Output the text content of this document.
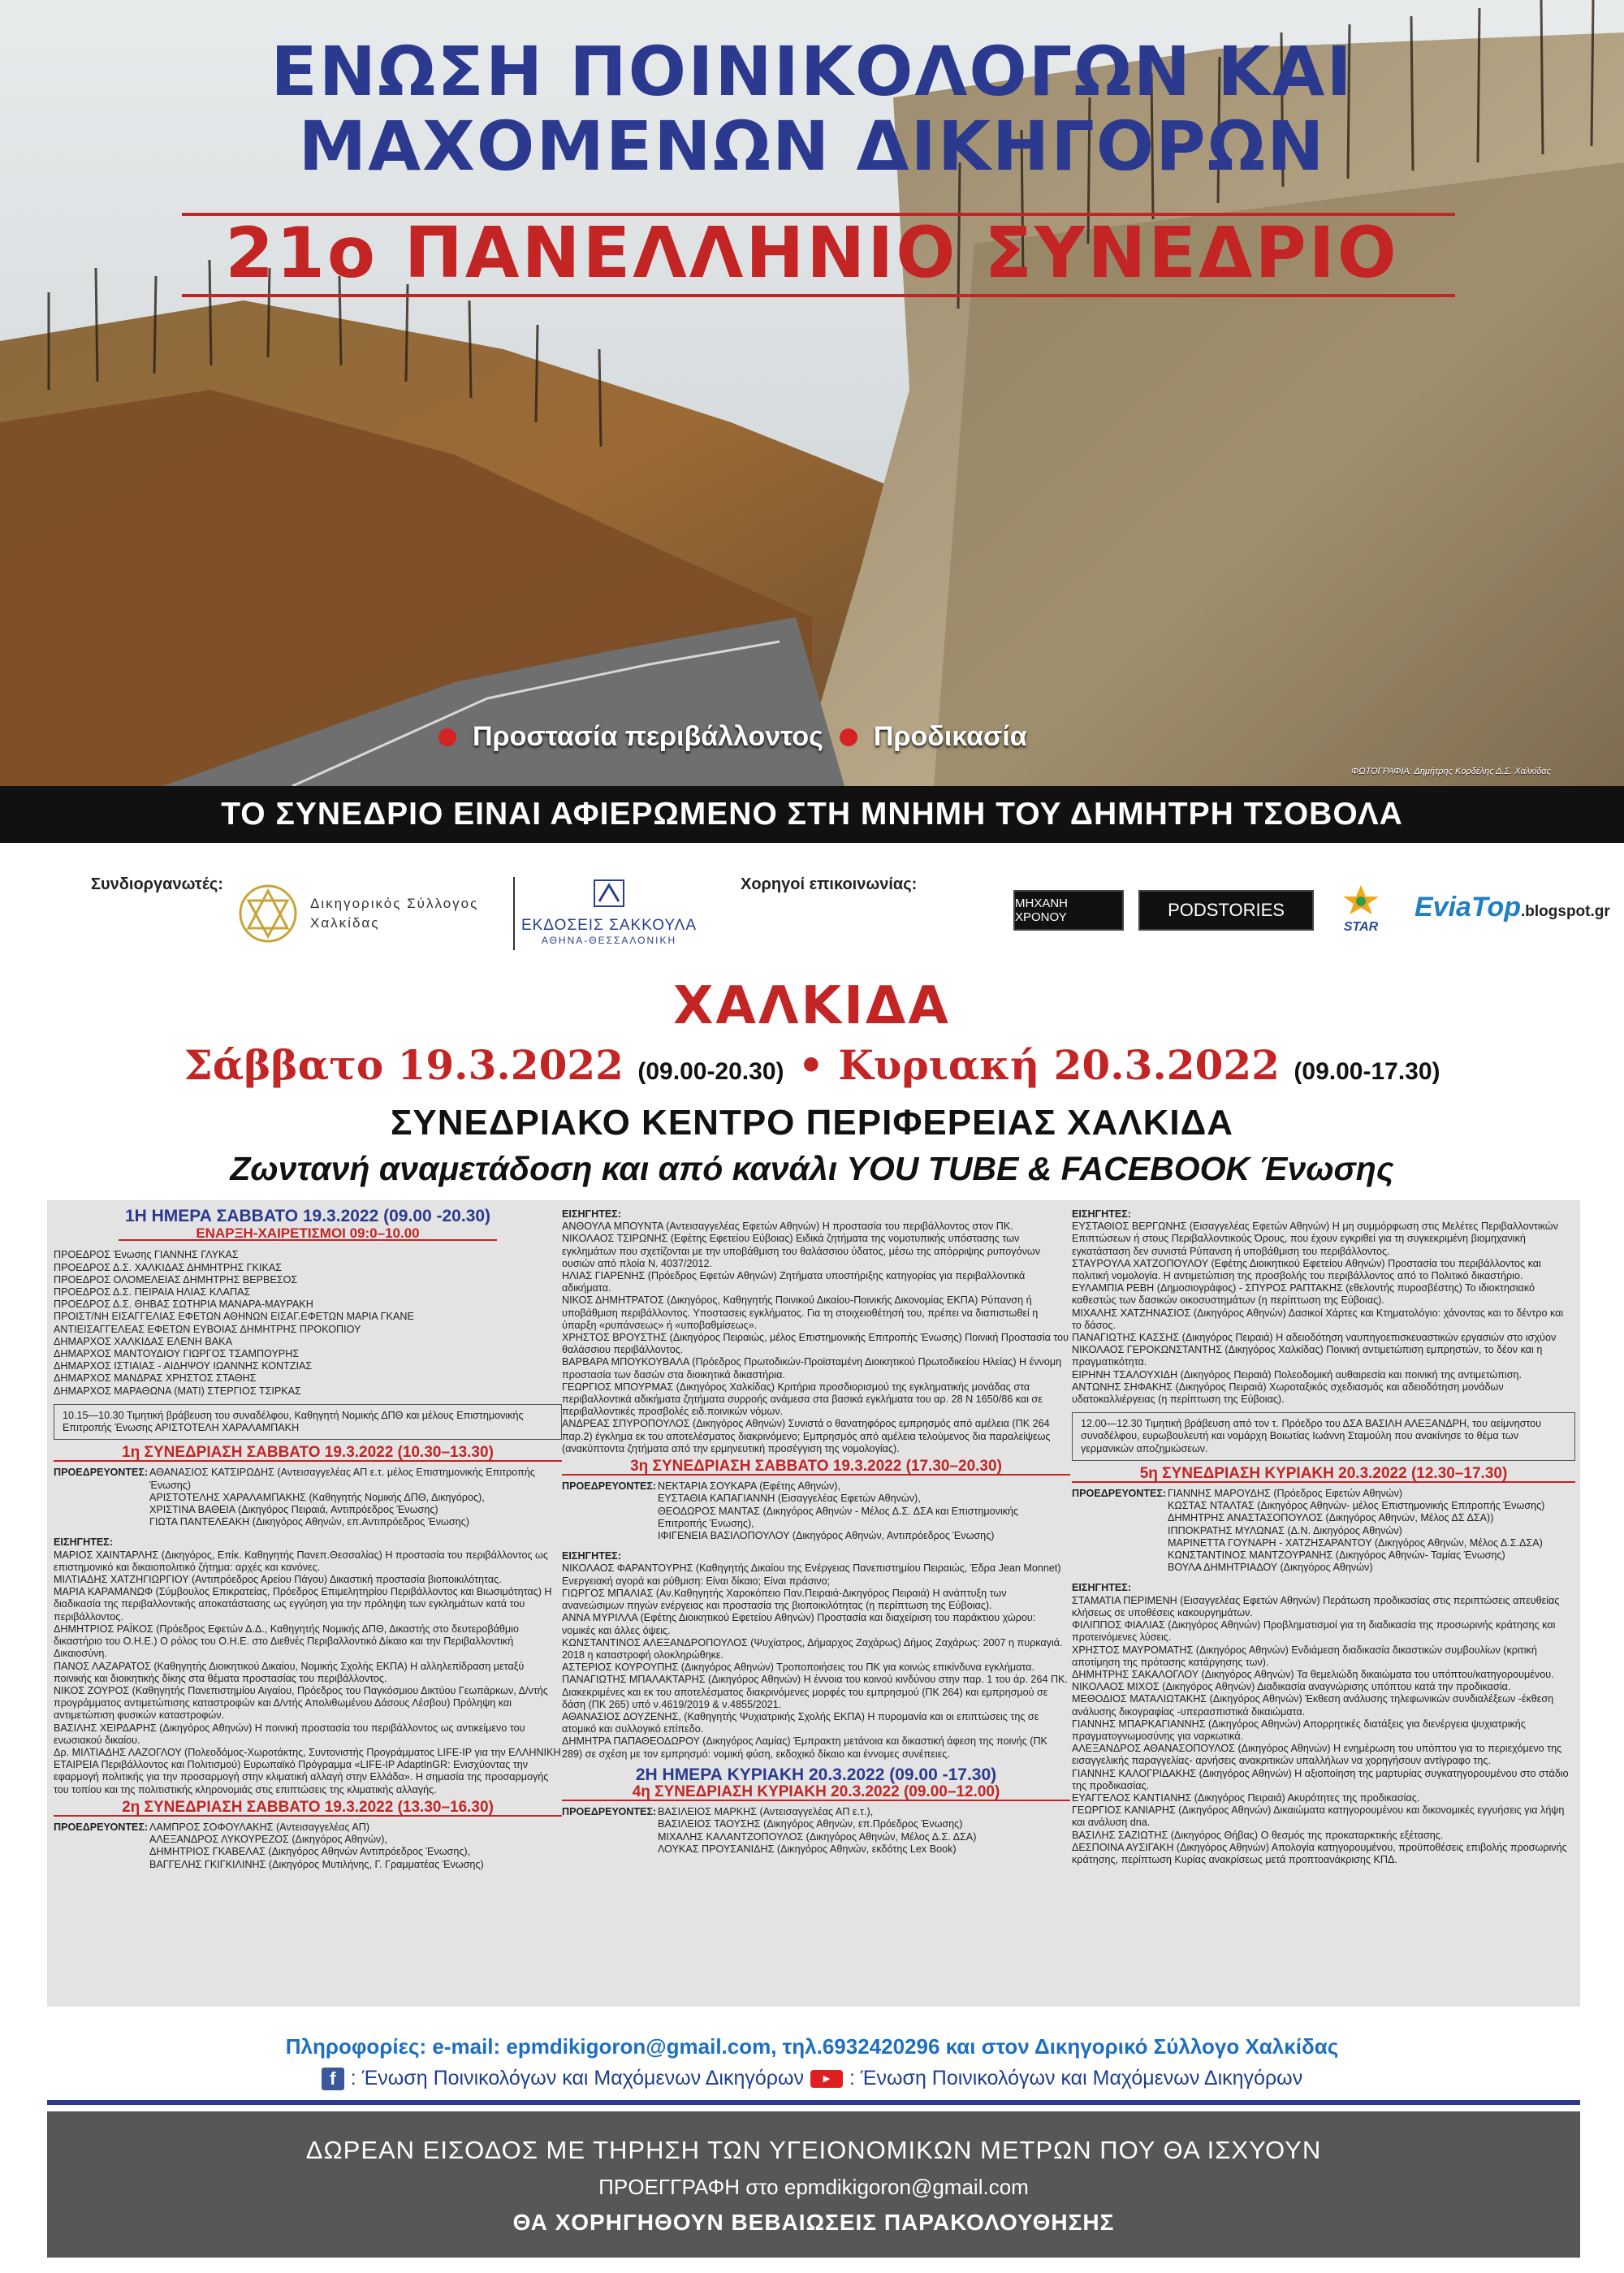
ΕΝΩΣΗ ΠΟΙΝΙΚΟΛΟΓΩΝ ΚΑΙ
ΜΑΧΟΜΕΝΩΝ ΔΙΚΗΓΟΡΩΝ
21ο ΠΑΝΕΛΛΗΝΙΟ ΣΥΝΕΔΡΙΟ
Προστασία περιβάλλοντος Προδικασία
ΦΩΤΟΓΡΑΦΙΑ: Δημήτρης Κορδέλης Δ.Σ. Χαλκίδας
ΤΟ ΣΥΝΕΔΡΙΟ ΕΙΝΑΙ ΑΦΙΕΡΩΜΕΝΟ ΣΤΗ ΜΝΗΜΗ ΤΟΥ ΔΗΜΗΤΡΗ ΤΣΟΒΟΛΑ
Συνδιοργανωτές:
Δικηγορικός Σύλλογος
Χαλκίδας	ΕΚΔΟΣΕΙΣ ΣΑΚΚΟΥΛΑ
ΑΘΗΝΑ-ΘΕΣΣΑΛΟΝΙΚΗ
Χορηγοί επικοινωνίας:
ΜΗΧΑΝΗ ΧΡΟΝΟΥ	PODSTORIES
STAR
EviaTop.blogspot.gr
ΧΑΛΚΙΔΑ
Σάββατο 19.3.2022 (09.00-20.30) • Κυριακή 20.3.2022 (09.00-17.30)
ΣΥΝΕΔΡΙΑΚΟ ΚΕΝΤΡΟ ΠΕΡΙΦΕΡΕΙΑΣ ΧΑΛΚΙΔΑ
Ζωντανή αναμετάδοση και από κανάλι YOU TUBE & FACEBOOK Ένωσης
1Η ΗΜΕΡΑ ΣΑΒΒΑΤΟ 19.3.2022 (09.00 -20.30)
ΕΝΑΡΞΗ-ΧΑΙΡΕΤΙΣΜΟΙ 09:0–10.00
ΠΡΟΕΔΡΟΣ Ένωσης ΓΙΑΝΝΗΣ ΓΛΥΚΑΣ
ΠΡΟΕΔΡΟΣ Δ.Σ. ΧΑΛΚΙΔΑΣ ΔΗΜΗΤΡΗΣ ΓΚΙΚΑΣ
ΠΡΟΕΔΡΟΣ ΟΛΟΜΕΛΕΙΑΣ ΔΗΜΗΤΡΗΣ ΒΕΡΒΕΣΟΣ
ΠΡΟΕΔΡΟΣ Δ.Σ. ΠΕΙΡΑΙΑ ΗΛΙΑΣ ΚΛΑΠΑΣ
ΠΡΟΕΔΡΟΣ Δ.Σ. ΘΗΒΑΣ ΣΩΤΗΡΙΑ ΜΑΝΑΡΑ-ΜΑΥΡΑΚΗ
ΠΡΟΙΣΤ/ΝΗ ΕΙΣΑΓΓΕΛΙΑΣ ΕΦΕΤΩΝ ΑΘΗΝΩΝ ΕΙΣΑΓ.ΕΦΕΤΩΝ ΜΑΡΙΑ ΓΚΑΝΕ
ΑΝΤΙΕΙΣΑΓΓΕΛΕΑΣ ΕΦΕΤΩΝ ΕΥΒΟΙΑΣ ΔΗΜΗΤΡΗΣ ΠΡΟΚΟΠΙΟΥ
ΔΗΜΑΡΧΟΣ ΧΑΛΚΙΔΑΣ ΕΛΕΝΗ ΒΑΚΑ
ΔΗΜΑΡΧΟΣ ΜΑΝΤΟΥΔΙΟΥ ΓΙΩΡΓΟΣ ΤΣΑΜΠΟΥΡΗΣ
ΔΗΜΑΡΧΟΣ ΙΣΤΙΑΙΑΣ - ΑΙΔΗΨΟΥ ΙΩΑΝΝΗΣ ΚΟΝΤΖΙΑΣ
ΔΗΜΑΡΧΟΣ ΜΑΝΔΡΑΣ ΧΡΗΣΤΟΣ ΣΤΑΘΗΣ
ΔΗΜΑΡΧΟΣ ΜΑΡΑΘΩΝΑ (ΜΑΤΙ) ΣΤΕΡΓΙΟΣ ΤΣΙΡΚΑΣ
10.15—10.30 Τιμητική βράβευση του συναδέλφου, Καθηγητή Νομικής ΔΠΘ και μέλους Επιστημονικής Επιτροπής Ένωσης ΑΡΙΣΤΟΤΕΛΗ ΧΑΡΑΛΑΜΠΑΚΗ
1η ΣΥΝΕΔΡΙΑΣΗ ΣΑΒΒΑΤΟ 19.3.2022 (10.30–13.30)
ΠΡΟΕΔΡΕΥΟΝΤΕΣ: ΑΘΑΝΑΣΙΟΣ ΚΑΤΣΙΡΩΔΗΣ (Αντεισαγγελέας ΑΠ ε.τ. μέλος Επιστημονικής Επιτροπής Ένωσης)
ΑΡΙΣΤΟΤΕΛΗΣ ΧΑΡΑΛΑΜΠΑΚΗΣ (Καθηγητής Νομικής ΔΠΘ, Δικηγόρος),
ΧΡΙΣΤΙΝΑ ΒΑΘΕΙΑ (Δικηγόρος Πειραιά, Αντιπρόεδρος Ένωσης)
ΓΙΩΤΑ ΠΑΝΤΕΛΕΑΚΗ (Δικηγόρος Αθηνών, επ.Αντιπρόεδρος Ένωσης)
ΕΙΣΗΓΗΤΕΣ:
ΜΑΡΙΟΣ ΧΑΙΝΤΑΡΛΗΣ (Δικηγόρος, Επίκ. Καθηγητής Πανεπ.Θεσσαλίας) Η προστασία του περιβάλλοντος ως επιστημονικό και δικαιοπολιτικό ζήτημα: αρχές και κανόνες.
ΜΙΛΤΙΑΔΗΣ ΧΑΤΖΗΓΙΩΡΓΙΟΥ (Αντιπρόεδρος Αρείου Πάγου) Δικαστική προστασία βιοποικιλότητας.
ΜΑΡΙΑ ΚΑΡΑΜΑΝΩΦ (Σύμβουλος Επικρατείας, Πρόεδρος Επιμελητηρίου Περιβάλλοντος και Βιωσιμότητας) Η διαδικασία της περιβαλλοντικής αποκατάστασης ως εγγύηση για την πρόληψη των εγκλημάτων κατά του περιβάλλοντος.
ΔΗΜΗΤΡΙΟΣ ΡΑΪΚΟΣ (Πρόεδρος Εφετών Δ.Δ., Καθηγητής Νομικής ΔΠΘ, Δικαστής στο δευτεροβάθμιο δικαστήριο του Ο.Η.Ε.) Ο ρόλος του Ο.Η.Ε. στο Διεθνές Περιβαλλοντικό Δίκαιο και την Περιβαλλοντική Δικαιοσύνη.
ΠΑΝΟΣ ΛΑΖΑΡΑΤΟΣ (Καθηγητής Διοικητικού Δικαίου, Νομικής Σχολής ΕΚΠΑ) Η αλληλεπίδραση μεταξύ ποινικής και διοικητικής δίκης στα θέματα προστασίας του περιβάλλοντος.
ΝΙΚΟΣ ΖΟΥΡΟΣ (Καθηγητής Πανεπιστημίου Αιγαίου, Πρόεδρος του Παγκόσμιου Δικτύου Γεωπάρκων, Δ/ντής προγράμματος αντιμετώπισης καταστροφών και Δ/ντής Απολιθωμένου Δάσους Λέσβου) Πρόληψη και αντιμετώπιση φυσικών καταστροφών.
ΒΑΣΙΛΗΣ ΧΕΙΡΔΑΡΗΣ (Δικηγόρος Αθηνών) Η ποινική προστασία του περιβάλλοντος ως αντικείμενο του ενωσιακού δικαίου.
Δρ. ΜΙΛΤΙΑΔΗΣ ΛΑΖΟΓΛΟΥ (Πολεοδόμος-Χωροτάκτης, Συντονιστής Προγράμματος LIFE-IP για την ΕΛΛΗΝΙΚΗ ΕΤΑΙΡΕΙΑ Περιβάλλοντος και Πολιτισμού) Ευρωπαϊκό Πρόγραμμα «LIFE-IP AdaptInGR: Ενισχύοντας την εφαρμογή πολιτικής για την προσαρμογή στην κλιματική αλλαγή στην Ελλάδα». Η σημασία της προσαρμογής του τοπίου και της πολιτιστικής κληρονομιάς στις επιπτώσεις της κλιματικής αλλαγής.
2η ΣΥΝΕΔΡΙΑΣΗ ΣΑΒΒΑΤΟ 19.3.2022 (13.30–16.30)
ΠΡΟΕΔΡΕΥΟΝΤΕΣ: ΛΑΜΠΡΟΣ ΣΟΦΟΥΛΑΚΗΣ (Αντεισαγγελέας ΑΠ)
ΑΛΕΞΑΝΔΡΟΣ ΛΥΚΟΥΡΕΖΟΣ (Δικηγόρος Αθηνών),
ΔΗΜΗΤΡΙΟΣ ΓΚΑΒΕΛΑΣ (Δικηγόρος Αθηνών Αντιπρόεδρος Ένωσης),
ΒΑΓΓΕΛΗΣ ΓΚΙΓΚΙΛΙΝΗΣ (Δικηγόρος Μυτιλήνης, Γ. Γραμματέας Ένωσης)
ΕΙΣΗΓΗΤΕΣ:
ΑΝΘΟΥΛΑ ΜΠΟΥΝΤΑ (Αντεισαγγελέας Εφετών Αθηνών) Η προστασία του περιβάλλοντος στον ΠΚ.
ΝΙΚΟΛΑΟΣ ΤΣΙΡΩΝΗΣ (Εφέτης Εφετείου Εύβοιας) Ειδικά ζητήματα της νομοτυπικής υπόστασης των εγκλημάτων που σχετίζονται με την υποβάθμιση του θαλάσσιου ύδατος, μέσω της απόρριψης ρυπογόνων ουσιών από πλοία Ν. 4037/2012.
ΗΛΙΑΣ ΓΙΑΡΕΝΗΣ (Πρόεδρος Εφετών Αθηνών) Ζητήματα υποστήριξης κατηγορίας για περιβαλλοντικά αδικήματα.
ΝΙΚΟΣ ΔΗΜΗΤΡΑΤΟΣ (Δικηγόρος, Καθηγητής Ποινικού Δικαίου-Ποινικής Δικονομίας ΕΚΠΑ) Ρύπανση ή υποβάθμιση περιβάλλοντος. Υποστασεις εγκλήματος. Για τη στοιχειοθέτησή του, πρέπει να διαπιστωθεί η ύπαρξη «ρυπάνσεως» ή «υποβαθμίσεως».
ΧΡΗΣΤΟΣ ΒΡΟΥΣΤΗΣ (Δικηγόρος Πειραιώς, μέλος Επιστημονικής Επιτροπής Ένωσης) Ποινική Προστασία του θαλάσσιου περιβάλλοντος.
ΒΑΡΒΑΡΑ ΜΠΟΥΚΟΥΒΑΛΑ (Πρόεδρος Πρωτοδικών-Προϊσταμένη Διοικητικού Πρωτοδικείου Ηλείας) Η έννομη προστασία των δασών στα διοικητικά δικαστήρια.
ΓΕΩΡΓΙΟΣ ΜΠΟΥΡΜΑΣ (Δικηγόρος Χαλκίδας) Κριτήρια προσδιορισμού της εγκληματικής μονάδας στα περιβαλλοντικά αδικήματα ζητήματα συρροής ανάμεσα στα βασικά εγκλήματα του αρ. 28 Ν 1650/86 και σε περιβαλλοντικές προσβολές ειδ.ποινικών νόμων.
ΑΝΔΡΕΑΣ ΣΠΥΡΟΠΟΥΛΟΣ (Δικηγόρος Αθηνών) Συνιστά ο θανατηφόρος εμπρησμός από αμέλεια (ΠΚ 264 παρ.2) έγκλημα εκ του αποτελέσματος διακρινόμενο; Εμπρησμός από αμέλεια τελούμενος δια παραλείψεως (ανακύπτοντα ζητήματα από την ερμηνευτική προσέγγιση της νομολογίας).
3η ΣΥΝΕΔΡΙΑΣΗ ΣΑΒΒΑΤΟ 19.3.2022 (17.30–20.30)
ΠΡΟΕΔΡΕΥΟΝΤΕΣ: ΝΕΚΤΑΡΙΑ ΣΟΥΚΑΡΑ (Εφέτης Αθηνών),
ΕΥΣΤΑΘΙΑ ΚΑΠΑΓΙΑΝΝΗ (Εισαγγελέας Εφετών Αθηνών),
ΘΕΟΔΩΡΟΣ ΜΑΝΤΑΣ (Δικηγόρος Αθηνών - Μέλος Δ.Σ. ΔΣΑ και Επιστημονικής Επιτροπής Ένωσης),
ΙΦΙΓΕΝΕΙΑ ΒΑΣΙΛΟΠΟΥΛΟΥ (Δικηγόρος Αθηνών, Αντιπρόεδρος Ένωσης)
ΕΙΣΗΓΗΤΕΣ:
ΝΙΚΟΛΑΟΣ ΦΑΡΑΝΤΟΥΡΗΣ (Καθηγητής Δικαίου της Ενέργειας Πανεπιστημίου Πειραιώς, Έδρα Jean Monnet) Ενεργειακή αγορά και ρύθμιση: Είναι δίκαιο; Είναι πράσινο;
ΓΙΩΡΓΟΣ ΜΠΑΛΙΑΣ (Αν.Καθηγητής Χαροκόπειο Παν.Πειραιά-Δικηγόρος Πειραιά) Η ανάπτυξη των ανανεώσιμων πηγών ενέργειας και προστασία της βιοποικιλότητας (η περίπτωση της Εύβοιας).
ΑΝΝΑ ΜΥΡΙΛΛΑ (Εφέτης Διοικητικού Εφετείου Αθηνών) Προστασία και διαχείριση του παράκτιου χώρου: νομικές και άλλες όψεις.
ΚΩΝΣΤΑΝΤΙΝΟΣ ΑΛΕΞΑΝΔΡΟΠΟΥΛΟΣ (Ψυχίατρος, Δήμαρχος Ζαχάρως) Δήμος Ζαχάρως: 2007 η πυρκαγιά. 2018 η καταστροφή ολοκληρώθηκε.
ΑΣΤΕΡΙΟΣ ΚΟΥΡΟΥΠΗΣ (Δικηγόρος Αθηνών) Τροποποιήσεις του ΠΚ για κοινώς επικίνδυνα εγκλήματα.
ΠΑΝΑΓΙΩΤΗΣ ΜΠΑΛΑΚΤΑΡΗΣ (Δικηγόρος Αθηνών) Η έννοια του κοινού κινδύνου στην παρ. 1 του άρ. 264 ΠΚ. Διακεκριμένες και εκ του αποτελέσματος διακρινόμενες μορφές του εμπρησμού (ΠΚ 264) και εμπρησμού σε δάση (ΠΚ 265) υπό ν.4619/2019 & ν.4855/2021.
ΑΘΑΝΑΣΙΟΣ ΔΟΥΖΕΝΗΣ, (Καθηγητής Ψυχιατρικής Σχολής ΕΚΠΑ) Η πυρομανία και οι επιπτώσεις της σε ατομικό και συλλογικό επίπεδο.
ΔΗΜΗΤΡΑ ΠΑΠΑΘΕΟΔΩΡΟΥ (Δικηγόρος Λαμίας) Έμπρακτη μετάνοια και δικαστική άφεση της ποινής (ΠΚ 289) σε σχέση με τον εμπρησμό: νομική φύση, εκδοχικό δίκαιο και έννομες συνέπειες.
2Η ΗΜΕΡΑ ΚΥΡΙΑΚΗ 20.3.2022 (09.00 -17.30)
4η ΣΥΝΕΔΡΙΑΣΗ ΚΥΡΙΑΚΗ 20.3.2022 (09.00–12.00)
ΠΡΟΕΔΡΕΥΟΝΤΕΣ: ΒΑΣΙΛΕΙΟΣ ΜΑΡΚΗΣ (Αντεισαγγελέας ΑΠ ε.τ.),
ΒΑΣΙΛΕΙΟΣ ΤΑΟΥΣΗΣ (Δικηγόρος Αθηνών, επ.Πρόεδρος Ένωσης)
ΜΙΧΑΛΗΣ ΚΑΛΑΝΤΖΟΠΟΥΛΟΣ (Δικηγόρος Αθηνών, Μέλος Δ.Σ. ΔΣΑ)
ΛΟΥΚΑΣ ΠΡΟΥΣΑΝΙΔΗΣ (Δικηγόρος Αθηνών, εκδότης Lex Book)
ΕΙΣΗΓΗΤΕΣ:
ΕΥΣΤΑΘΙΟΣ ΒΕΡΓΩΝΗΣ (Εισαγγελέας Εφετών Αθηνών) Η μη συμμόρφωση στις Μελέτες Περιβαλλοντικών Επιπτώσεων ή στους Περιβαλλοντικούς Όρους, που έχουν εγκριθεί για τη συγκεκριμένη βιομηχανική εγκατάσταση δεν συνιστά Ρύπανση ή υποβάθμιση του περιβάλλοντος.
ΣΤΑΥΡΟΥΛΑ ΧΑΤΖΟΠΟΥΛΟΥ (Εφέτης Διοικητικού Εφετείου Αθηνών) Προστασία του περιβάλλοντος και πολιτική νομολογία. Η αντιμετώπιση της προσβολής του περιβάλλοντος από το Πολιτικό δικαστήριο.
ΕΥΛΑΜΠΙΑ ΡΕΒΗ (Δημοσιογράφος) - ΣΠΥΡΟΣ ΡΑΠΤΑΚΗΣ (εθελοντής πυροσβέστης) Το ιδιοκτησιακό καθεστώς των δασικών οικοσυστημάτων (η περίπτωση της Εύβοιας).
ΜΙΧΑΛΗΣ ΧΑΤΖΗΝΑΣΙΟΣ (Δικηγόρος Αθηνών) Δασικοί Χάρτες και Κτηματολόγιο: χάνοντας και το δέντρο και το δάσος.
ΠΑΝΑΓΙΩΤΗΣ ΚΑΣΣΗΣ (Δικηγόρος Πειραιά) Η αδειοδότηση ναυπηγοεπισκευαστικών εργασιών στο ισχύον
ΝΙΚΟΛΑΟΣ ΓΕΡΟΚΩΝΣΤΑΝΤΗΣ (Δικηγόρος Χαλκίδας) Ποινική αντιμετώπιση εμπρηστών, το δέον και η πραγματικότητα.
ΕΙΡΗΝΗ ΤΣΑΛΟΥΧΙΔΗ (Δικηγόρος Πειραιά) Πολεοδομική αυθαιρεσία και ποινική της αντιμετώπιση.
ΑΝΤΩΝΗΣ ΣΗΦΑΚΗΣ (Δικηγόρος Πειραιά) Χωροταξικός σχεδιασμός και αδειοδότηση μονάδων υδατοκαλλιέργειας (η περίπτωση της Εύβοιας).
12.00—12.30 Τιμητική βράβευση από τον τ. Πρόεδρο του ΔΣΑ ΒΑΣΙΛΗ ΑΛΕΞΑΝΔΡΗ, του αείμνηστου συναδέλφου, ευρωβουλευτή και νομάρχη Βοιωτίας Ιωάννη Σταμούλη που ανακίνησε το θέμα των γερμανικών αποζημιώσεων.
5η ΣΥΝΕΔΡΙΑΣΗ ΚΥΡΙΑΚΗ 20.3.2022 (12.30–17.30)
ΠΡΟΕΔΡΕΥΟΝΤΕΣ: ΓΙΑΝΝΗΣ ΜΑΡΟΥΔΗΣ (Πρόεδρος Εφετών Αθηνών)
ΚΩΣΤΑΣ ΝΤΑΛΤΑΣ (Δικηγόρος Αθηνών- μέλος Επιστημονικής Επιτροπής Ένωσης)
ΔΗΜΗΤΡΗΣ ΑΝΑΣΤΑΣΟΠΟΥΛΟΣ (Δικηγόρος Αθηνών, Μέλος ΔΣ ΔΣΑ))
ΙΠΠΟΚΡΑΤΗΣ ΜΥΛΩΝΑΣ (Δ.Ν. Δικηγόρος Αθηνών)
ΜΑΡΙΝΕΤΤΑ ΓΟΥΝΑΡΗ - ΧΑΤΖΗΣΑΡΑΝΤΟΥ (Δικηγόρος Αθηνών, Μέλος Δ.Σ.ΔΣΑ)
ΚΩΝΣΤΑΝΤΙΝΟΣ ΜΑΝΤΖΟΥΡΑΝΗΣ (Δικηγόρος Αθηνών- Ταμίας Ένωσης)
ΒΟΥΛΑ ΔΗΜΗΤΡΙΑΔΟΥ (Δικηγόρος Αθηνών)
ΕΙΣΗΓΗΤΕΣ:
ΣΤΑΜΑΤΙΑ ΠΕΡΙΜΕΝΗ (Εισαγγελέας Εφετών Αθηνών) Περάτωση προδικασίας στις περιπτώσεις απευθείας κλήσεως σε υποθέσεις κακουργημάτων.
ΦΙΛΙΠΠΟΣ ΦΙΑΛΙΑΣ (Δικηγόρος Αθηνών) Προβληματισμοί για τη διαδικασία της προσωρινής κράτησης και προτεινόμενες λύσεις.
ΧΡΗΣΤΟΣ ΜΑΥΡΟΜΑΤΗΣ (Δικηγόρος Αθηνών) Ενδιάμεση διαδικασία δικαστικών συμβουλίων (κριτική αποτίμηση της πρότασης κατάργησης των).
ΔΗΜΗΤΡΗΣ ΣΑΚΑΛΟΓΛΟΥ (Δικηγόρος Αθηνών) Τα θεμελιώδη δικαιώματα του υπόπτου/κατηγορουμένου.
ΝΙΚΟΛΑΟΣ ΜΙΧΟΣ (Δικηγόρος Αθηνών) Διαδικασία αναγνώρισης υπόπτου κατά την προδικασία.
ΜΕΘΟΔΙΟΣ ΜΑΤΑΛΙΩΤΑΚΗΣ (Δικηγόρος Αθηνών) Έκθεση ανάλυσης τηλεφωνικών συνδιαλέξεων -έκθεση ανάλυσης δικογραφίας -υπερασπιστικά δικαιώματα.
ΓΙΑΝΝΗΣ ΜΠΑΡΚΑΓΙΑΝΝΗΣ (Δικηγόρος Αθηνών) Απορρητικές διατάξεις για διενέργεια ψυχιατρικής πραγματογνωμοσύνης για ναρκωτικά.
ΑΛΕΞΑΝΔΡΟΣ ΑΘΑΝΑΣΟΠΟΥΛΟΣ (Δικηγόρος Αθηνών) Η ενημέρωση του υπόπτου για το περιεχόμενο της εισαγγελικής παραγγελίας- αρνήσεις ανακριτικών υπαλλήλων να χορηγήσουν αντίγραφο της.
ΓΙΑΝΝΗΣ ΚΑΛΟΓΡΙΔΑΚΗΣ (Δικηγόρος Αθηνών) Η αξιοποίηση της μαρτυρίας συγκατηγορουμένου στο στάδιο της προδικασίας.
ΕΥΑΓΓΕΛΟΣ ΚΑΝΤΙΑΝΗΣ (Δικηγόρος Πειραιά) Ακυρότητες της προδικασίας.
ΓΕΩΡΓΙΟΣ ΚΑΝΙΑΡΗΣ (Δικηγόρος Αθηνών) Δικαιώματα κατηγορουμένου και δικονομικές εγγυήσεις για λήψη και ανάλυση dna.
ΒΑΣΙΛΗΣ ΣΑΖΙΩΤΗΣ (Δικηγόρος Θήβας) Ο θεσμός της προκαταρκτικής εξέτασης.
ΔΕΣΠΟΙΝΑ ΑΥΣΙΓΑΚΗ (Δικηγόρος Αθηνών) Απολογία κατηγορουμένου, προϋποθέσεις επιβολής προσωρινής κράτησης, περίπτωση Κυρίας ανακρίσεως μετά προπτοανάκρισης ΚΠΔ.
Πληροφορίες: e-mail: epmdikigoron@gmail.com, τηλ.6932420296 και στον Δικηγορικό Σύλλογο Χαλκίδας
f : Ένωση Ποινικολόγων και Μαχόμενων Δικηγόρων	▶ : Ένωση Ποινικολόγων και Μαχόμενων Δικηγόρων
ΔΩΡΕΑΝ ΕΙΣΟΔΟΣ ΜΕ ΤΗΡΗΣΗ ΤΩΝ ΥΓΕΙΟΝΟΜΙΚΩΝ ΜΕΤΡΩΝ ΠΟΥ ΘΑ ΙΣΧΥΟΥΝ
ΠΡΟΕΓΓΡΑΦΗ στο epmdikigoron@gmail.com
ΘΑ ΧΟΡΗΓΗΘΟΥΝ ΒΕΒΑΙΩΣΕΙΣ ΠΑΡΑΚΟΛΟΥΘΗΣΗΣ
